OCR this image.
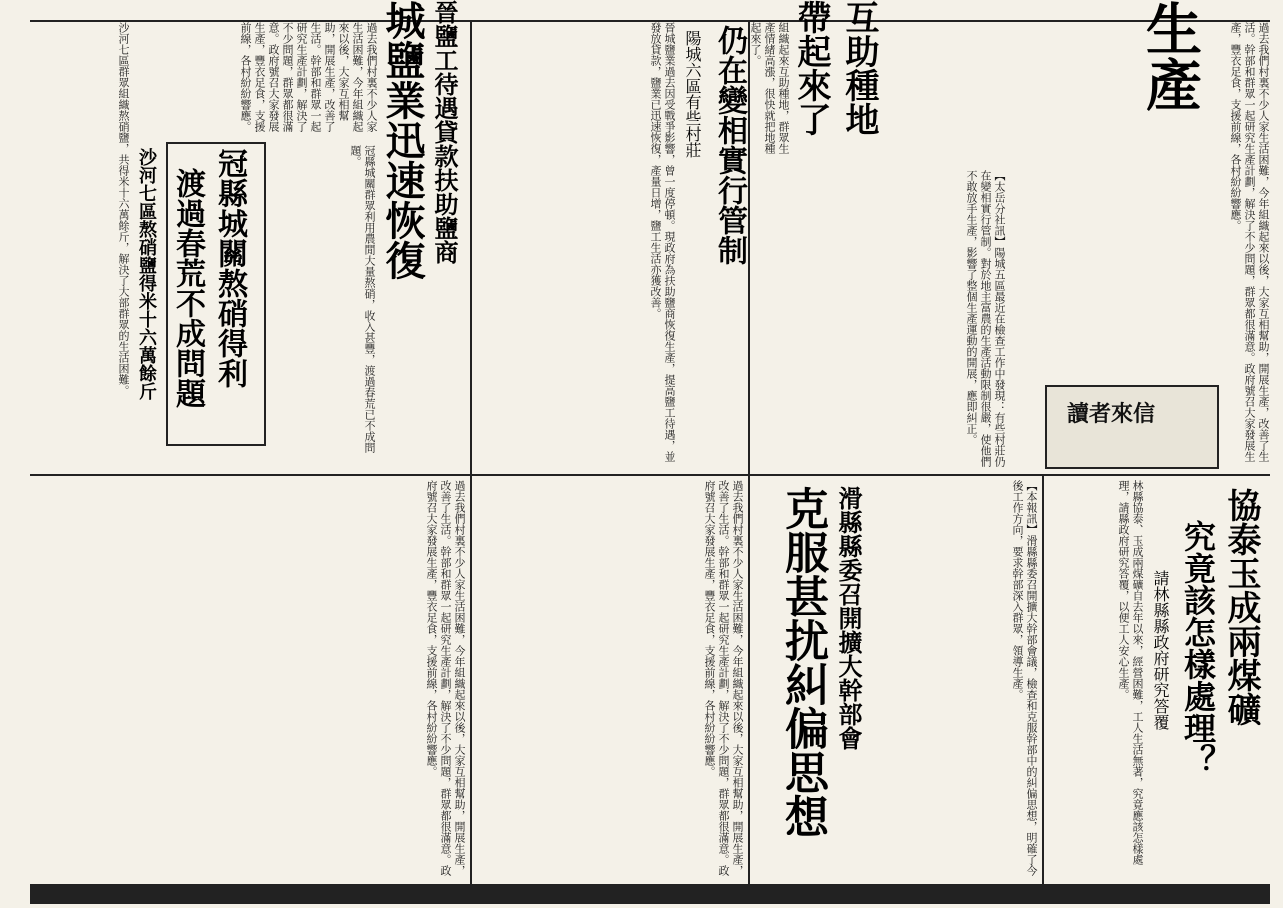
生產	過去我們村裏不少人家生活困難，今年組織起來以後，大家互相幫助，開展生產，改善了生活。幹部和群眾一起研究生產計劃，解決了不少問題，群眾都很滿意。政府號召大家發展生產，豐衣足食，支援前線，各村紛紛響應。
互助種地
帶起來了
組織起來互助種地，群眾生產情緒高漲，很快就把地種起來了。
仍在變相實行管制
陽城六區有些村莊
【太岳分社訊】陽城五區最近在檢查工作中發現：有些村莊仍在變相實行管制。對於地主富農的生產活動限制很嚴，使他們不敢放手生產，影響了整個生產運動的開展，應即糾正。
城鹽業迅速恢復 晉鹽工待遇貸款扶助鹽商	晉城鹽業過去因受戰爭影響，曾一度停頓。現政府為扶助鹽商恢復生產，提高鹽工待遇，並發放貸款，鹽業已迅速恢復，產量日增，鹽工生活亦獲改善。
過去我們村裏不少人家生活困難，今年組織起來以後，大家互相幫助，開展生產，改善了生活。幹部和群眾一起研究生產計劃，解決了不少問題，群眾都很滿意。政府號召大家發展生產，豐衣足食，支援前線，各村紛紛響應。
冠縣城關熬硝得利
渡過春荒不成問題	冠縣城關群眾利用農閒大量熬硝，收入甚豐，渡過春荒已不成問題。
沙河七區熬硝鹽得米十六萬餘斤
沙河七區群眾組織熬硝鹽，共得米十六萬餘斤，解決了大部群眾的生活困難。
協泰玉成兩煤礦
究竟該怎樣處理？
請林縣縣政府研究答覆
林縣協泰、玉成兩煤礦自去年以來，經營困難，工人生活無著，究竟應該怎樣處理，請縣政府研究答覆，以便工人安心生產。
讀者來信
克服甚扰糾偏思想 滑縣縣委召開擴大幹部會	【本報訊】滑縣縣委召開擴大幹部會議，檢查和克服幹部中的糾偏思想，明確了今後工作方向，要求幹部深入群眾，領導生產。
過去我們村裏不少人家生活困難，今年組織起來以後，大家互相幫助，開展生產，改善了生活。幹部和群眾一起研究生產計劃，解決了不少問題，群眾都很滿意。政府號召大家發展生產，豐衣足食，支援前線，各村紛紛響應。
過去我們村裏不少人家生活困難，今年組織起來以後，大家互相幫助，開展生產，改善了生活。幹部和群眾一起研究生產計劃，解決了不少問題，群眾都很滿意。政府號召大家發展生產，豐衣足食，支援前線，各村紛紛響應。
